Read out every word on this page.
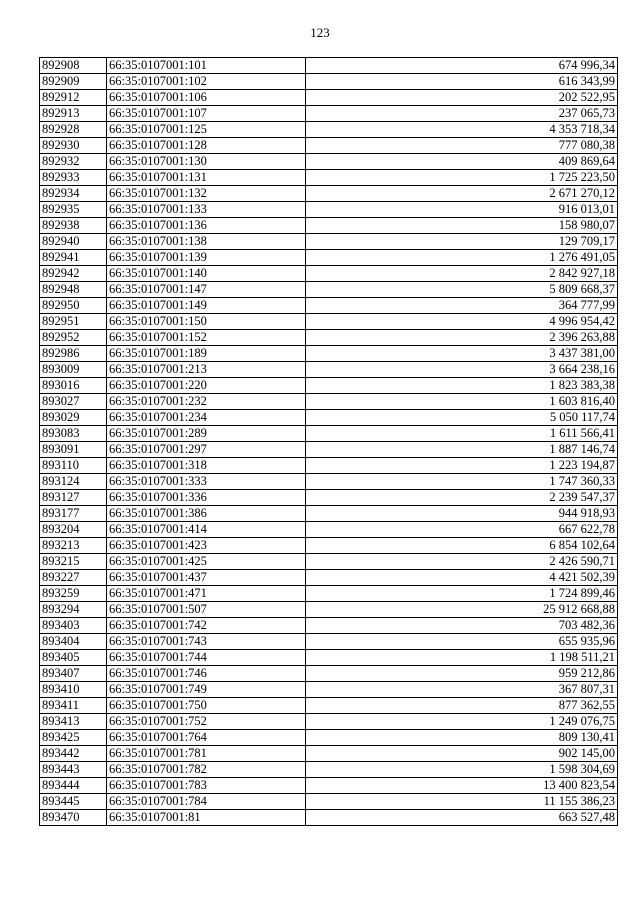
123
892908	66:35:0107001:101	674 996,34
892909	66:35:0107001:102	616 343,99
892912	66:35:0107001:106	202 522,95
892913	66:35:0107001:107	237 065,73
892928	66:35:0107001:125	4 353 718,34
892930	66:35:0107001:128	777 080,38
892932	66:35:0107001:130	409 869,64
892933	66:35:0107001:131	1 725 223,50
892934	66:35:0107001:132	2 671 270,12
892935	66:35:0107001:133	916 013,01
892938	66:35:0107001:136	158 980,07
892940	66:35:0107001:138	129 709,17
892941	66:35:0107001:139	1 276 491,05
892942	66:35:0107001:140	2 842 927,18
892948	66:35:0107001:147	5 809 668,37
892950	66:35:0107001:149	364 777,99
892951	66:35:0107001:150	4 996 954,42
892952	66:35:0107001:152	2 396 263,88
892986	66:35:0107001:189	3 437 381,00
893009	66:35:0107001:213	3 664 238,16
893016	66:35:0107001:220	1 823 383,38
893027	66:35:0107001:232	1 603 816,40
893029	66:35:0107001:234	5 050 117,74
893083	66:35:0107001:289	1 611 566,41
893091	66:35:0107001:297	1 887 146,74
893110	66:35:0107001:318	1 223 194,87
893124	66:35:0107001:333	1 747 360,33
893127	66:35:0107001:336	2 239 547,37
893177	66:35:0107001:386	944 918,93
893204	66:35:0107001:414	667 622,78
893213	66:35:0107001:423	6 854 102,64
893215	66:35:0107001:425	2 426 590,71
893227	66:35:0107001:437	4 421 502,39
893259	66:35:0107001:471	1 724 899,46
893294	66:35:0107001:507	25 912 668,88
893403	66:35:0107001:742	703 482,36
893404	66:35:0107001:743	655 935,96
893405	66:35:0107001:744	1 198 511,21
893407	66:35:0107001:746	959 212,86
893410	66:35:0107001:749	367 807,31
893411	66:35:0107001:750	877 362,55
893413	66:35:0107001:752	1 249 076,75
893425	66:35:0107001:764	809 130,41
893442	66:35:0107001:781	902 145,00
893443	66:35:0107001:782	1 598 304,69
893444	66:35:0107001:783	13 400 823,54
893445	66:35:0107001:784	11 155 386,23
893470	66:35:0107001:81	663 527,48
